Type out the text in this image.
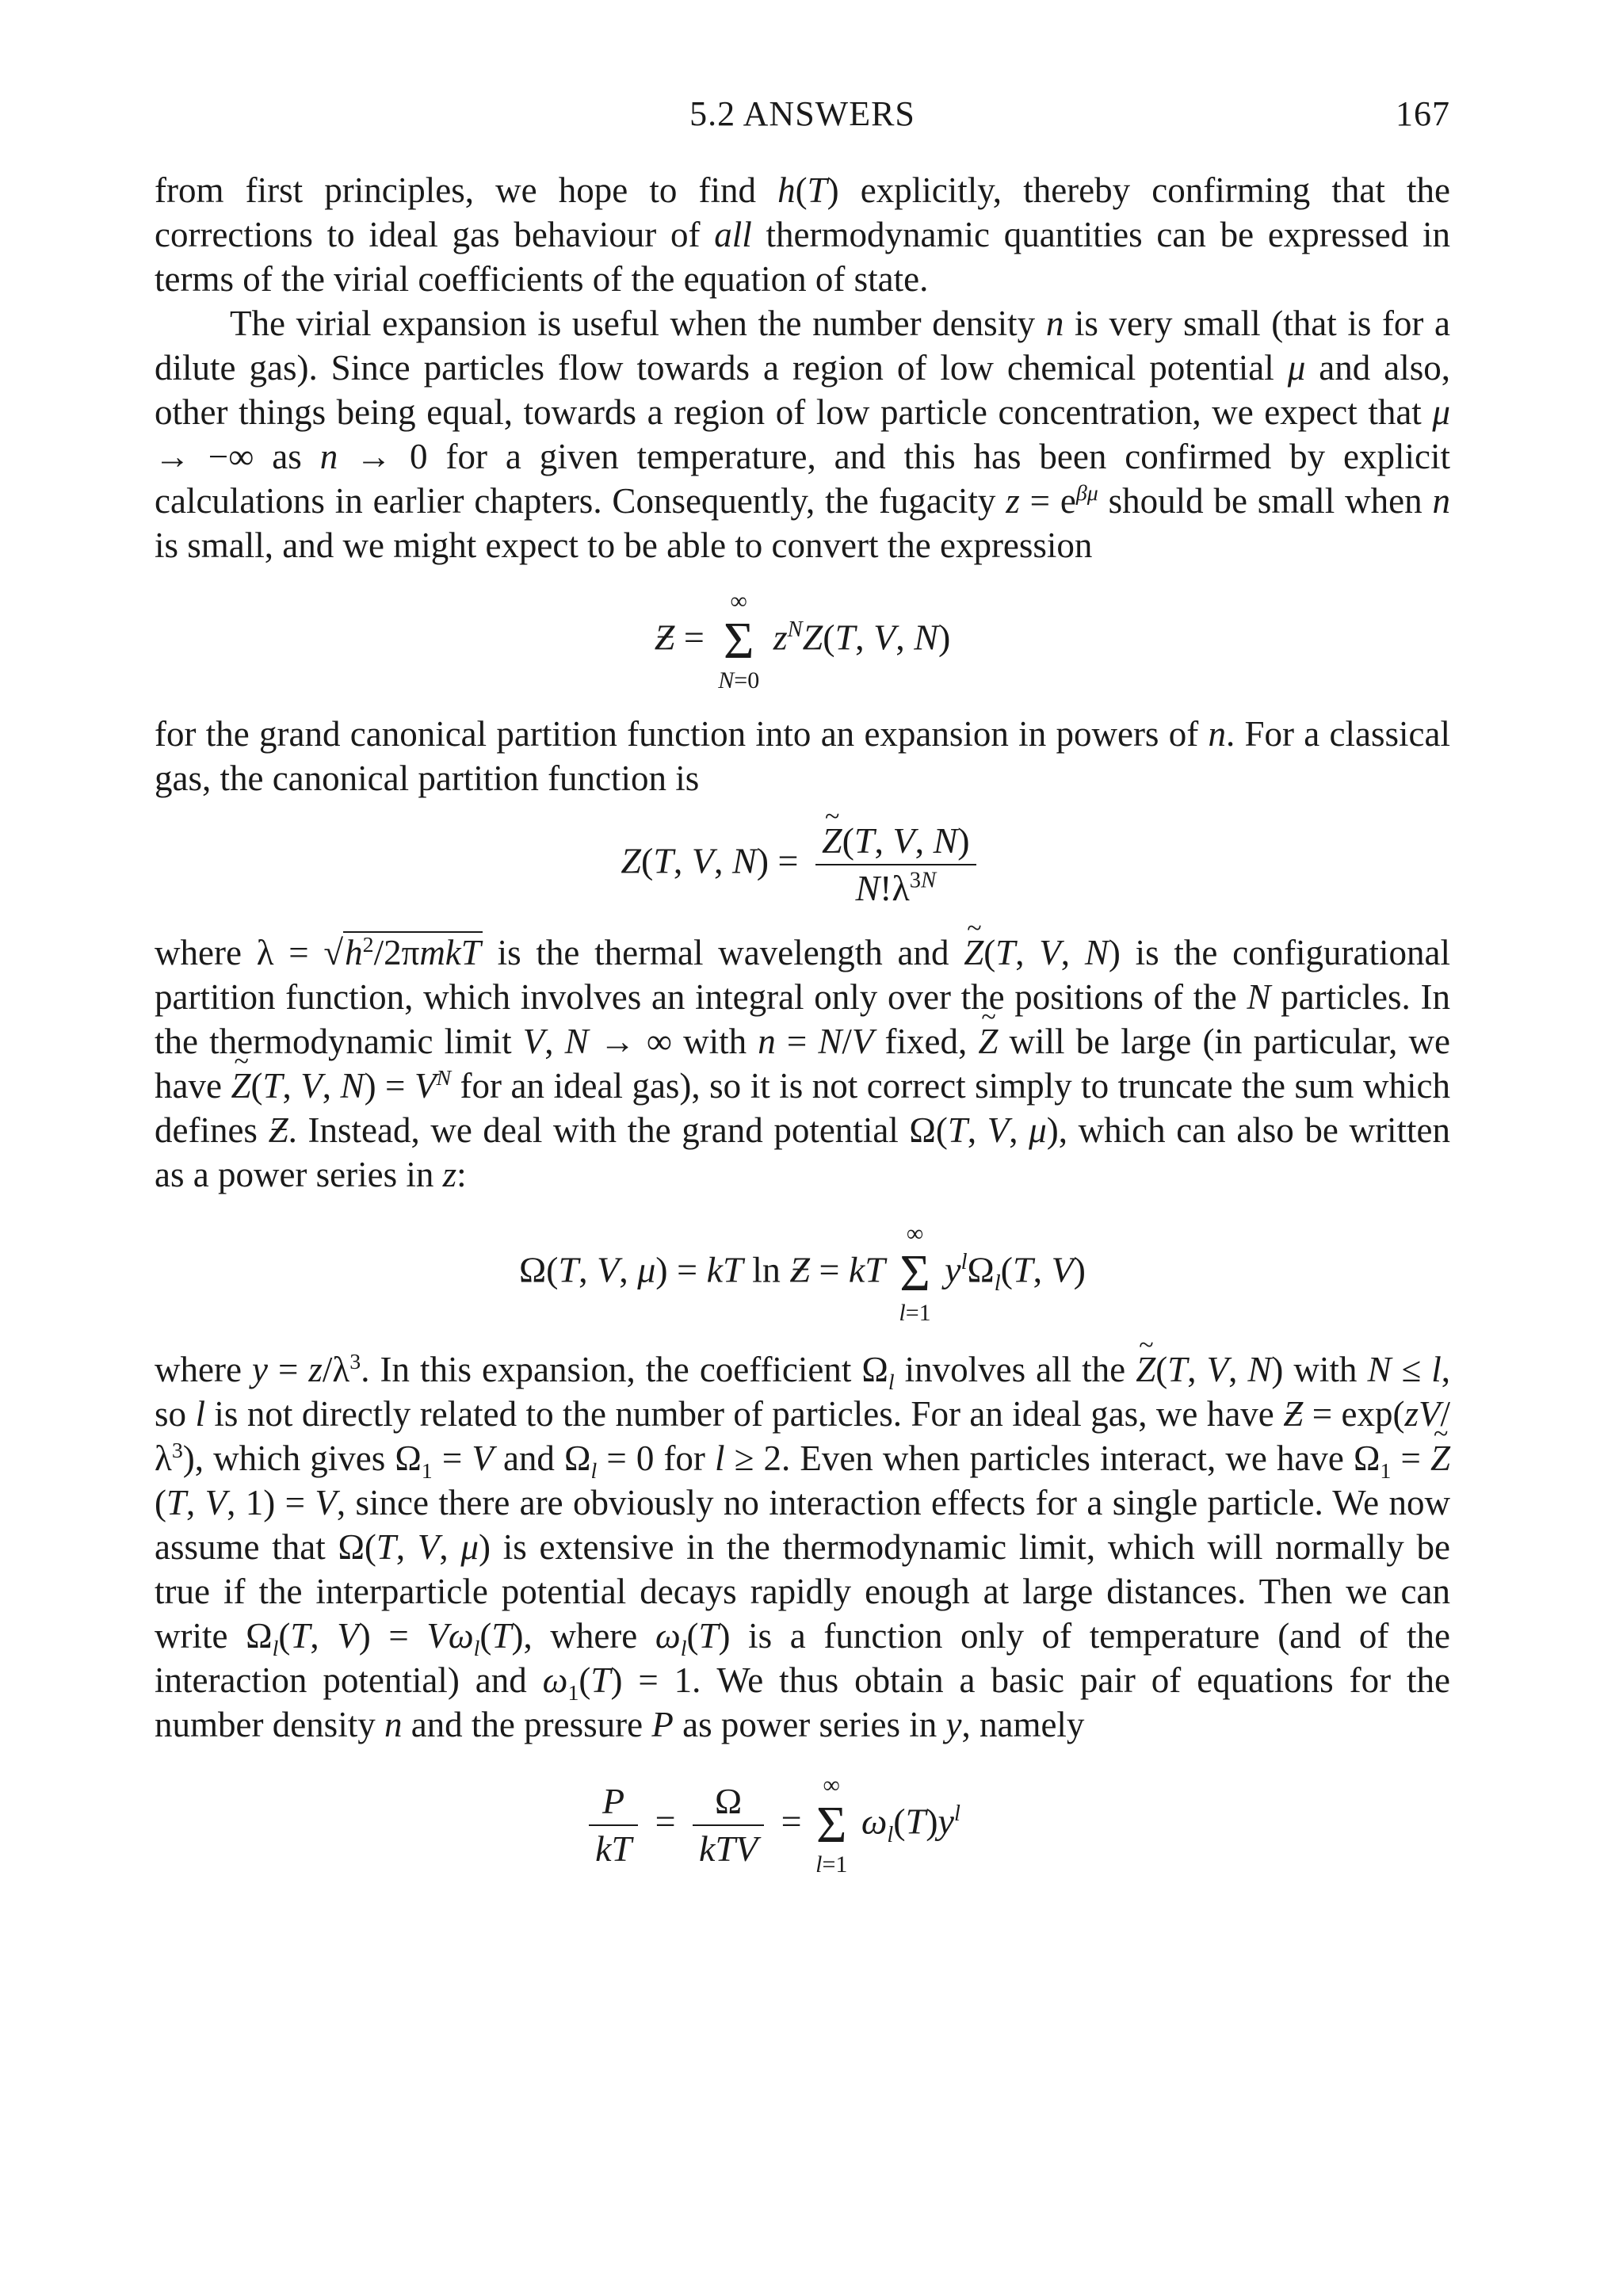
5.2 ANSWERS	167

from first principles, we hope to find h(T) explicitly, thereby confirming that the corrections to ideal gas behaviour of all thermodynamic quantities can be expressed in terms of the virial coefficients of the equation of state.

The virial expansion is useful when the number density n is very small (that is for a dilute gas). Since particles flow towards a region of low chemical potential μ and also, other things being equal, towards a region of low particle concentration, we expect that μ → −∞ as n → 0 for a given temperature, and this has been confirmed by explicit calculations in earlier chapters. Consequently, the fugacity $z = e^{\beta\mu}$ should be small when n is small, and we might expect to be able to convert the expression

Ƶ =
∞
Σ
N=0
$z^NZ(T$, V, N)

for the grand canonical partition function into an expansion in powers of n. For a classical gas, the canonical partition function is

Z(T, V, N) =
~ $\frac{Z(T, V, N)}{N!\lambda^{3N}}$

where $\lambda = √h^2/2\pi mkT$ is the thermal wavelength and ~ Z(T, V, N) is the configurational partition function, which involves an integral only over the positions of the N particles. In the thermodynamic limit V, N → ∞ with n = N/V fixed, ~ Z will be large (in particular, we have ~ Z(T, V, $N) = V^N$ for an ideal gas), so it is not correct simply to truncate the sum which defines Ƶ. Instead, we deal with the grand potential Ω(T, V, μ), which can also be written as a power series in z:

Ω(T, V, μ) = kT ln Ƶ = kT
∞
Σ
l=1
$y^l\Omega_l(T$, V)

where $y = z/\lambda^3$. In this expansion, the coefficient $\Omega_l$ involves all the ~ Z(T, V, N) with N ≤ l, so l is not directly related to the number of particles. For an ideal gas, we have Ƶ = $\exp(zV/\lambda^3)$, which gives $\Omega_1 = V$ and $\Omega_l = 0$ for l ≥ 2. Even when particles interact, we have $\Omega_1$ = ~ Z(T, V, 1) = V, since there are obviously no interaction effects for a single particle. We now assume that Ω(T, V, μ) is extensive in the thermodynamic limit, which will normally be true if the interparticle potential decays rapidly enough at large distances. Then we can write $\Omega_l(T$, $V) = V\omega_l(T)$, where $\omega_l(T)$ is a function only of temperature (and of the interaction potential) and $\omega_1(T) = 1$. We thus obtain a basic pair of equations for the number density n and the pressure P as power series in y, namely

$\frac{P}{kT} = \frac{\Omega}{\text{kTV}}$ =
∞
Σ
l=1
$\omega_l(T)y^l$
